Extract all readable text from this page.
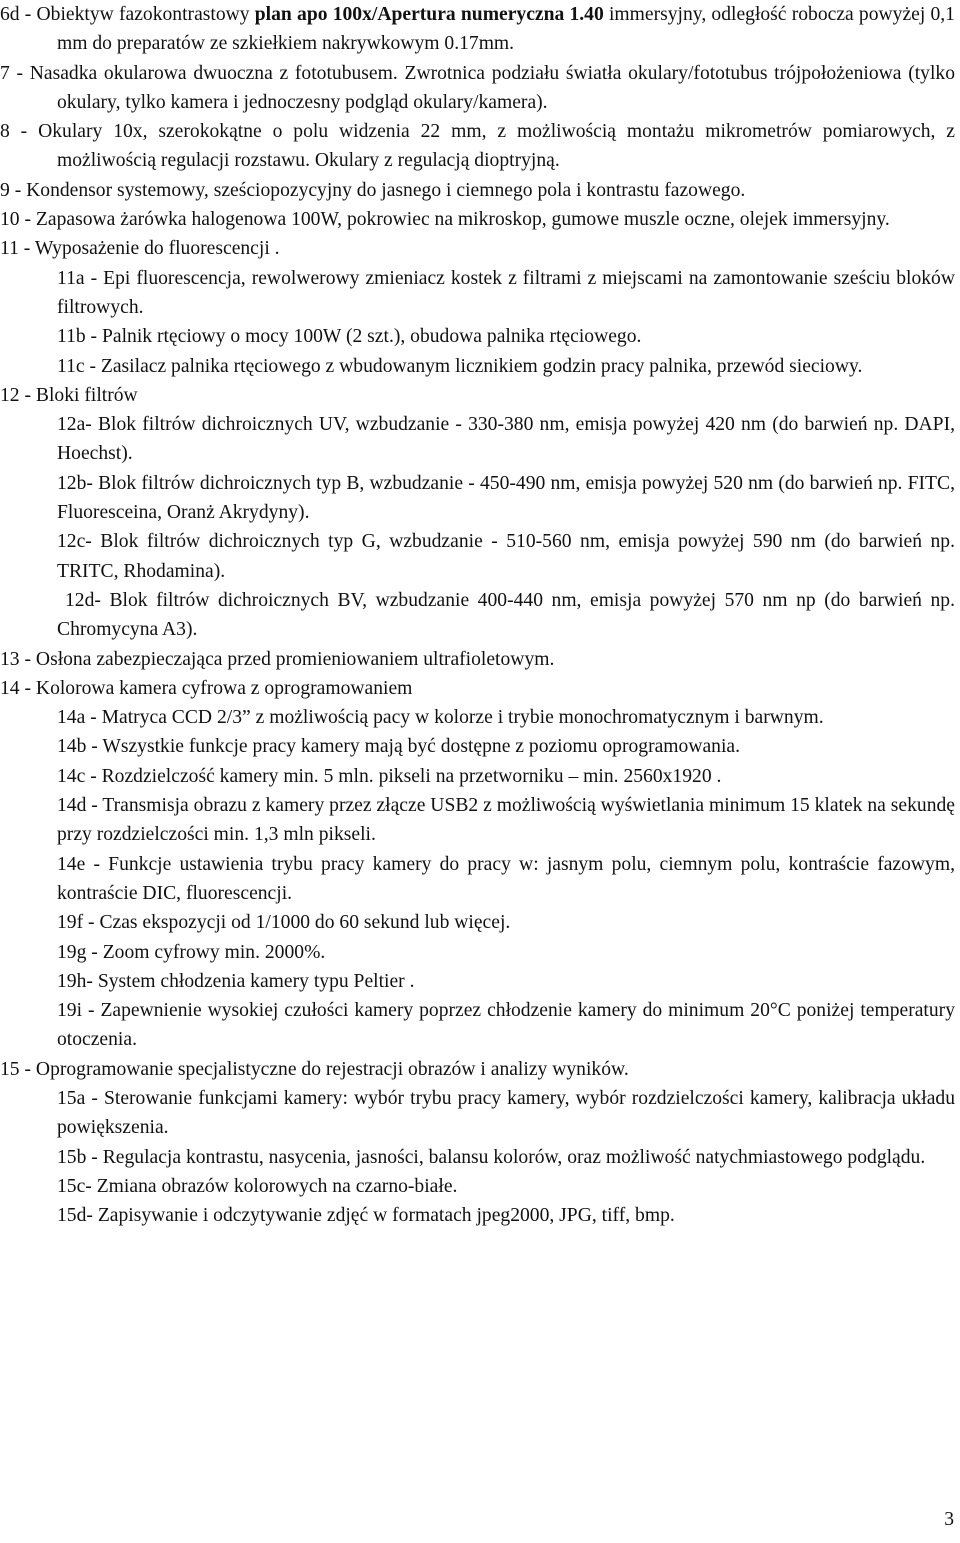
6d - Obiektyw fazokontrastowy plan apo 100x/Apertura numeryczna 1.40 immersyjny, odległość robocza powyżej 0,1 mm do preparatów ze szkiełkiem nakrywkowym 0.17mm.

7 - Nasadka okularowa dwuoczna z fototubusem. Zwrotnica podziału światła okulary/fototubus trójpołożeniowa (tylko okulary, tylko kamera i jednoczesny podgląd okulary/kamera).

8 - Okulary 10x, szerokokątne o polu widzenia 22 mm, z możliwością montażu mikrometrów pomiarowych, z możliwością regulacji rozstawu. Okulary z regulacją dioptryjną.

9 - Kondensor systemowy, sześciopozycyjny do jasnego i ciemnego pola i kontrastu fazowego.

10 - Zapasowa żarówka halogenowa 100W, pokrowiec na mikroskop, gumowe muszle oczne, olejek immersyjny.

11 - Wyposażenie do fluorescencji .

11a - Epi fluorescencja, rewolwerowy zmieniacz kostek z filtrami z miejscami na zamontowanie sześciu bloków filtrowych.

11b - Palnik rtęciowy o mocy 100W (2 szt.), obudowa palnika rtęciowego.

11c - Zasilacz palnika rtęciowego z wbudowanym licznikiem godzin pracy palnika, przewód sieciowy.

12 - Bloki filtrów

12a- Blok filtrów dichroicznych UV, wzbudzanie - 330-380 nm, emisja powyżej 420 nm (do barwień np. DAPI, Hoechst).

12b- Blok filtrów dichroicznych typ B, wzbudzanie - 450-490 nm, emisja powyżej 520 nm (do barwień np. FITC, Fluoresceina, Oranż Akrydyny).

12c- Blok filtrów dichroicznych typ G, wzbudzanie - 510-560 nm, emisja powyżej 590 nm (do barwień np. TRITC, Rhodamina).

12d- Blok filtrów dichroicznych BV, wzbudzanie 400-440 nm, emisja powyżej 570 nm np (do barwień np. Chromycyna A3).

13 - Osłona zabezpieczająca przed promieniowaniem ultrafioletowym.

14 - Kolorowa kamera cyfrowa z oprogramowaniem

14a - Matryca CCD 2/3” z możliwością pacy w kolorze i trybie monochromatycznym i barwnym.

14b - Wszystkie funkcje pracy kamery mają być dostępne z poziomu oprogramowania.

14c - Rozdzielczość kamery min. 5 mln. pikseli na przetworniku – min. 2560x1920 .

14d - Transmisja obrazu z kamery przez złącze USB2 z możliwością wyświetlania minimum 15 klatek na sekundę przy rozdzielczości min. 1,3 mln pikseli.

14e - Funkcje ustawienia trybu pracy kamery do pracy w: jasnym polu, ciemnym polu, kontraście fazowym, kontraście DIC, fluorescencji.

19f - Czas ekspozycji od 1/1000 do 60 sekund lub więcej.

19g - Zoom cyfrowy min. 2000%.

19h- System chłodzenia kamery typu Peltier .

19i - Zapewnienie wysokiej czułości kamery poprzez chłodzenie kamery do minimum 20°C poniżej temperatury otoczenia.

15 - Oprogramowanie specjalistyczne do rejestracji obrazów i analizy wyników.

15a - Sterowanie funkcjami kamery: wybór trybu pracy kamery, wybór rozdzielczości kamery, kalibracja układu powiększenia.

15b - Regulacja kontrastu, nasycenia, jasności, balansu kolorów, oraz możliwość natychmiastowego podglądu.

15c- Zmiana obrazów kolorowych na czarno-białe.

15d- Zapisywanie i odczytywanie zdjęć w formatach jpeg2000, JPG, tiff, bmp.

3
